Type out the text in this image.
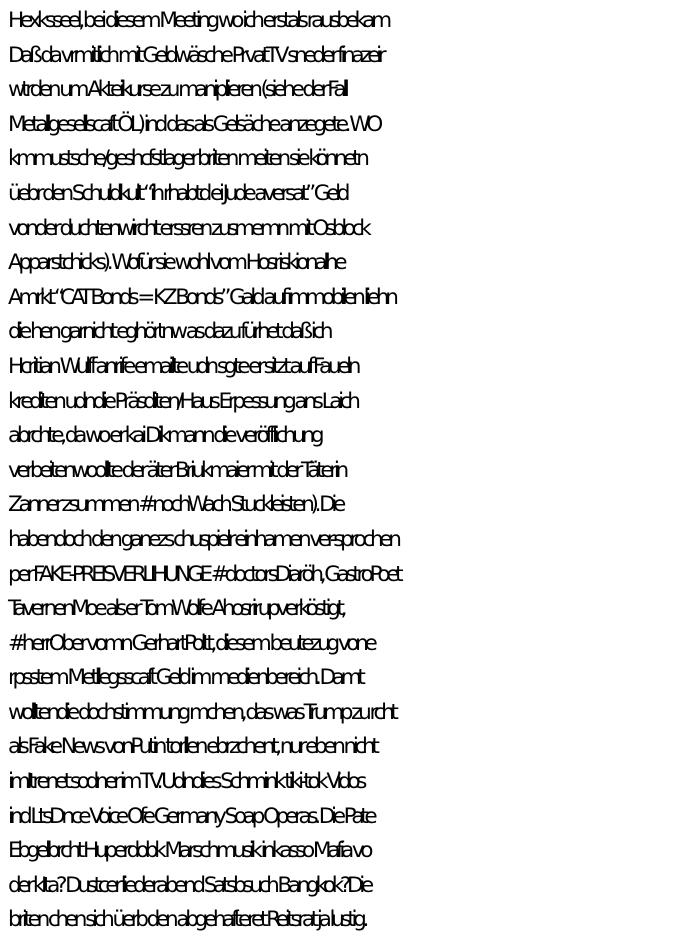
Hexksseel, bei diesem Meeting wo ich erstals rausbekam
Daß da vrmitlich mit Geldwäsche PrvatTV sneder finazeir
wtrden um Akteikurse zu maniplieren (siehe der Fall
Metallgesellscaft ÖL) ind das als Gelsäche anzegete. WO
kmmustsche/geshcfstlager briten meiten sie könnetn
üebr den Schuldkult “ih rhabtd ei Jude aversat” Geld
vonder duchtenwircht erssren zusmemn mit Osblock
Apparstchicks). Wofür sie wohl vom Hosriskionalhe
Amrkt “CAT Bonds = KZ Bonds” Gald auf immobilen liehn
die hen garnicht eghörtnw as dazu fürhet daß ich
Hcritian Wulff anrife emailte udn sgte er sitzt auf Faueln
krediten udndie Präsditen/Haus Erpessung ans Laich
abrchte, da wo er kai Dikmann die veröfflichung
verbeitenwoollte der äter Briukmaier mit der Täterin
Zanner zsummen #nochWach Stuckleisten). Die
habendoch den ganezs chuspielr einhamen ver-sprochen
per FAKE-PREISVERLIHUNGE #doctorsDiaröh, GastroPoet
TavernenMoe als er TomWolfe Ahosrirupverköstigt,
#herrOber vomn GerhartPoltt, diesem beutezug vone
rpsstem Metllegsscaft Geld im medienbereich. Damt
wolltendie dochstimmung mchen, das was Trump zu rcht
als Fake News vonPutin torllen ebrzchent, nur eben nicht
imItrenet sodner im TV. Udndies Schmink tiki-tok Vidos
ind LtsDnce Voice Ofe Germany Soap Operas. Die Pate
Ebgelbrcht Huperdobk Marschmusik inkasso Mafia vo
der kIta? Dustcer liederabend Satsbsuch Bangkok?Die
briten chen sich üerb den abgehafteret Reitsrat ja lustig.
